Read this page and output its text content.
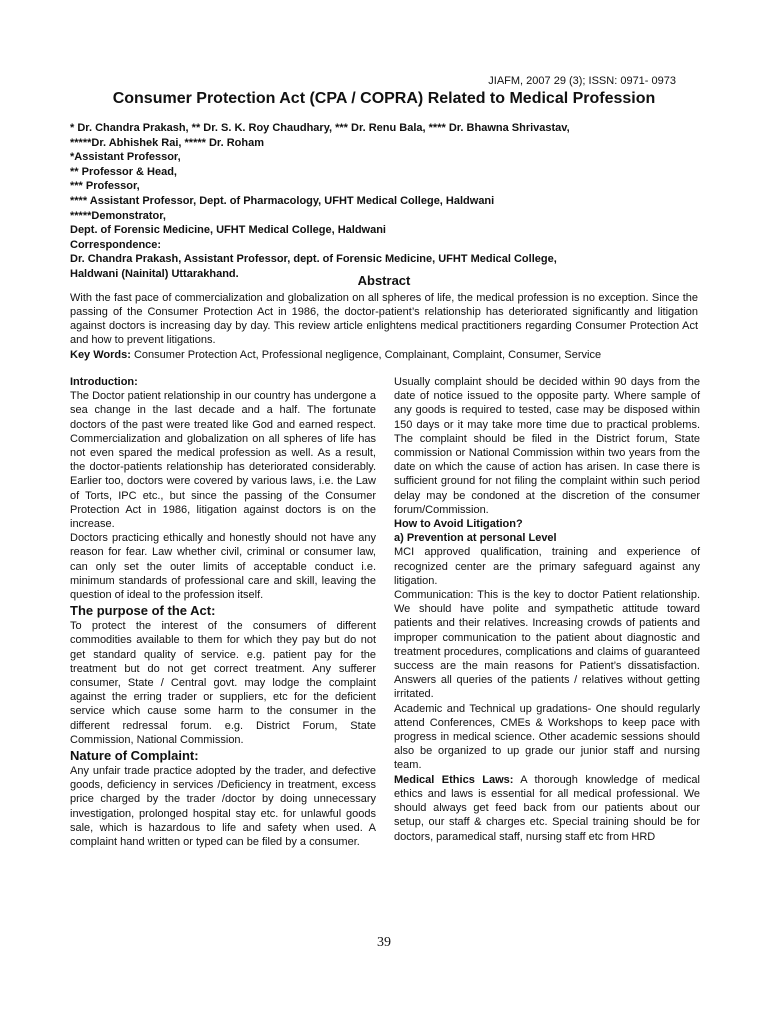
JIAFM, 2007 29 (3); ISSN: 0971- 0973
Consumer Protection Act (CPA / COPRA) Related to Medical Profession
* Dr. Chandra Prakash, ** Dr. S. K. Roy Chaudhary, *** Dr. Renu Bala, **** Dr. Bhawna Shrivastav,
*****Dr. Abhishek Rai, ***** Dr. Roham
*Assistant Professor,
** Professor & Head,
*** Professor,
**** Assistant Professor, Dept. of Pharmacology, UFHT Medical College, Haldwani
*****Demonstrator,
Dept. of Forensic Medicine, UFHT Medical College, Haldwani
Correspondence:
Dr. Chandra Prakash, Assistant Professor, dept. of Forensic Medicine, UFHT Medical College,
Haldwani (Nainital) Uttarakhand.	Abstract

With the fast pace of commercialization and globalization on all spheres of life, the medical profession is no exception. Since the passing of the Consumer Protection Act in 1986, the doctor-patient’s relationship has deteriorated significantly and litigation against doctors is increasing day by day. This review article enlightens medical practitioners regarding Consumer Protection Act and how to prevent litigations.

Key Words: Consumer Protection Act, Professional negligence, Complainant, Complaint, Consumer, Service

Introduction:

The Doctor patient relationship in our country has undergone a sea change in the last decade and a half. The fortunate doctors of the past were treated like God and earned respect. Commercialization and globalization on all spheres of life has not even spared the medical profession as well. As a result, the doctor-patients relationship has deteriorated considerably. Earlier too, doctors were covered by various laws, i.e. the Law of Torts, IPC etc., but since the passing of the Consumer Protection Act in 1986, litigation against doctors is on the increase.

Doctors practicing ethically and honestly should not have any reason for fear. Law whether civil, criminal or consumer law, can only set the outer limits of acceptable conduct i.e. minimum standards of professional care and skill, leaving the question of ideal to the profession itself.

The purpose of the Act:

To protect the interest of the consumers of different commodities available to them for which they pay but do not get standard quality of service. e.g. patient pay for the treatment but do not get correct treatment. Any sufferer consumer, State / Central govt. may lodge the complaint against the erring trader or suppliers, etc for the deficient service which cause some harm to the consumer in the different redressal forum. e.g. District Forum, State Commission, National Commission.

Nature of Complaint:

Any unfair trade practice adopted by the trader, and defective goods, deficiency in services /Deficiency in treatment, excess price charged by the trader /doctor by doing unnecessary investigation, prolonged hospital stay etc. for unlawful goods sale, which is hazardous to life and safety when used. A complaint hand written or typed can be filed by a consumer.

Usually complaint should be decided within 90 days from the date of notice issued to the opposite party. Where sample of any goods is required to tested, case may be disposed within 150 days or it may take more time due to practical problems. The complaint should be filed in the District forum, State commission or National Commission within two years from the date on which the cause of action has arisen. In case there is sufficient ground for not filing the complaint within such period delay may be condoned at the discretion of the consumer forum/Commission.

How to Avoid Litigation?

a) Prevention at personal Level

MCI approved qualification, training and experience of recognized center are the primary safeguard against any litigation.

Communication: This is the key to doctor Patient relationship. We should have polite and sympathetic attitude toward patients and their relatives. Increasing crowds of patients and improper communication to the patient about diagnostic and treatment procedures, complications and claims of guaranteed success are the main reasons for Patient’s dissatisfaction. Answers all queries of the patients / relatives without getting irritated.

Academic and Technical up gradations- One should regularly attend Conferences, CMEs & Workshops to keep pace with progress in medical science. Other academic sessions should also be organized to up grade our junior staff and nursing team.

Medical Ethics Laws: A thorough knowledge of medical ethics and laws is essential for all medical professional. We should always get feed back from our patients about our setup, our staff & charges etc. Special training should be for doctors, paramedical staff, nursing staff etc from HRD

39
